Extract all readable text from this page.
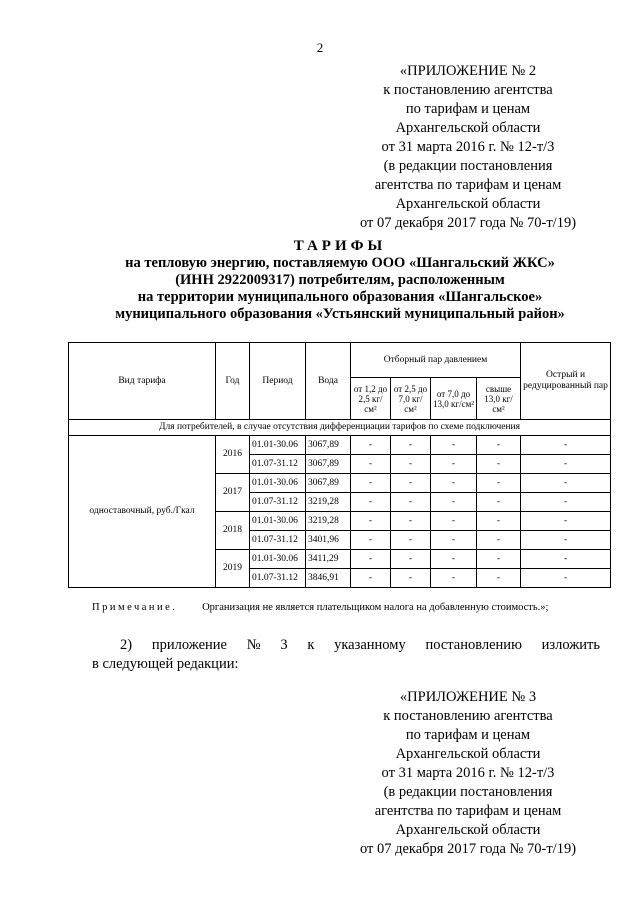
2
«ПРИЛОЖЕНИЕ № 2
к постановлению агентства
по тарифам и ценам
Архангельской области
от 31 марта 2016 г. № 12-т/3
(в редакции постановления
агентства по тарифам и ценам
Архангельской области
от 07 декабря 2017 года № 70-т/19)
ТАРИФЫ
на тепловую энергию, поставляемую ООО «Шангальский ЖКС»
(ИНН 2922009317) потребителям, расположенным
на территории муниципального образования «Шангальское»
муниципального образования «Устьянский муниципальный район»
Вид тарифа	Год	Период	Вода	Отборный пар давлением				Острый и редуцированный пар
				от 1,2 до 2,5 кг/см²	от 2,5 до 7,0 кг/см²	от 7,0 до 13,0 кг/см²	свыше 13,0 кг/см²	
Для потребителей, в случае отсутствия дифференциации тарифов по схеме подключения								
одноставочный, руб./Гкал	2016	01.01-30.06	3067,89	-	-	-	-	-
		01.07-31.12	3067,89	-	-	-	-	-
	2017	01.01-30.06	3067,89	-	-	-	-	-
		01.07-31.12	3219,28	-	-	-	-	-
	2018	01.01-30.06	3219,28	-	-	-	-	-
		01.07-31.12	3401,96	-	-	-	-	-
	2019	01.01-30.06	3411,29	-	-	-	-	-
		01.07-31.12	3846,91	-	-	-	-	-
Примечание. Организация не является плательщиком налога на добавленную стоимость.»;
2) приложение № 3 к указанному постановлению изложить
в следующей редакции:
«ПРИЛОЖЕНИЕ № 3
к постановлению агентства
по тарифам и ценам
Архангельской области
от 31 марта 2016 г. № 12-т/3
(в редакции постановления
агентства по тарифам и ценам
Архангельской области
от 07 декабря 2017 года № 70-т/19)
